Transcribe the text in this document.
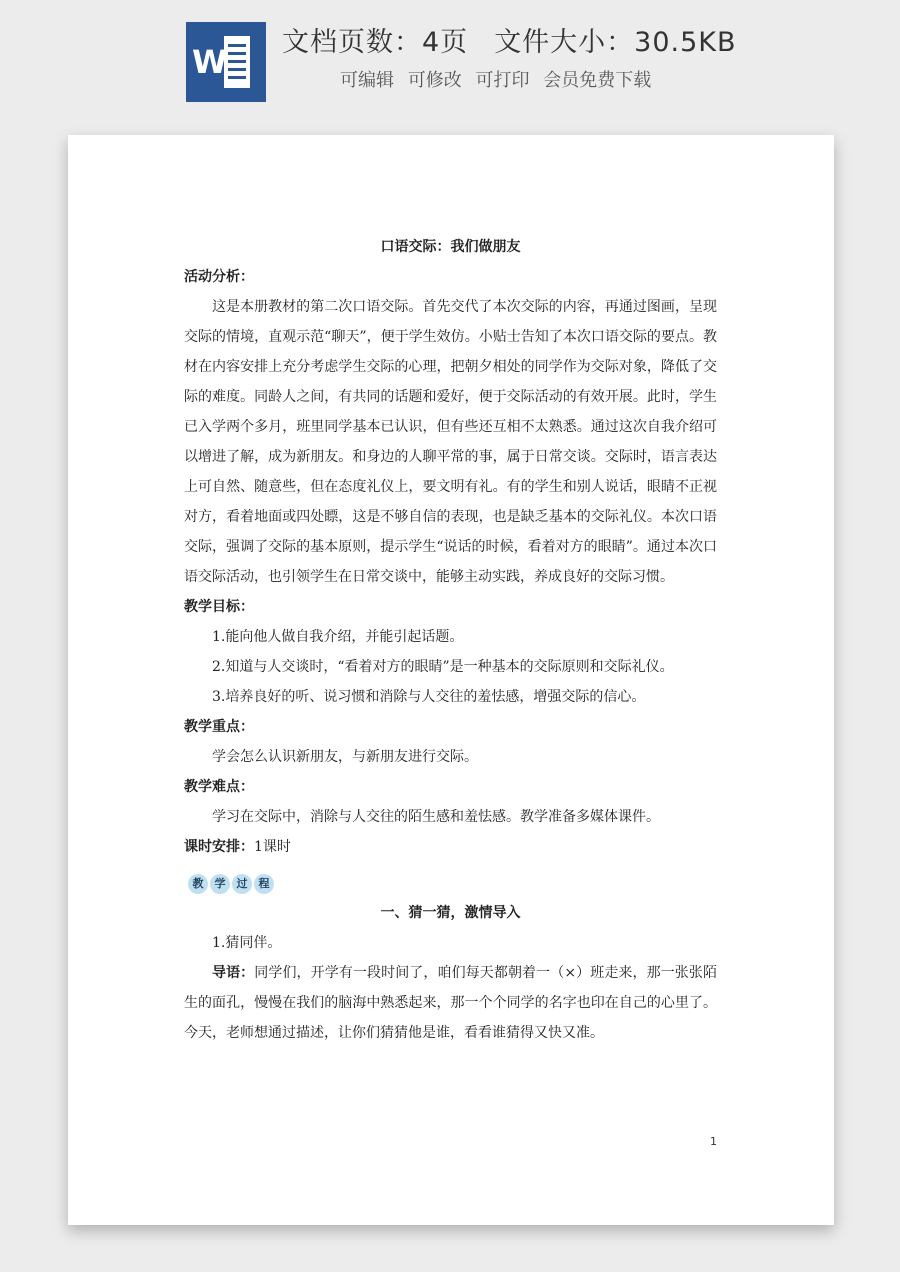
W
文档页数：4页 文件大小：30.5KB
可编辑 可修改 可打印 会员免费下载
口语交际：我们做朋友
活动分析：

这是本册教材的第二次口语交际。首先交代了本次交际的内容，再通过图画，呈现交际的情境，直观示范“聊天”，便于学生效仿。小贴士告知了本次口语交际的要点。教材在内容安排上充分考虑学生交际的心理，把朝夕相处的同学作为交际对象，降低了交际的难度。同龄人之间，有共同的话题和爱好，便于交际活动的有效开展。此时，学生已入学两个多月，班里同学基本已认识，但有些还互相不太熟悉。通过这次自我介绍可以增进了解，成为新朋友。和身边的人聊平常的事，属于日常交谈。交际时，语言表达上可自然、随意些，但在态度礼仪上，要文明有礼。有的学生和别人说话，眼睛不正视对方，看着地面或四处瞟，这是不够自信的表现，也是缺乏基本的交际礼仪。本次口语交际，强调了交际的基本原则，提示学生“说话的时候，看着对方的眼睛”。通过本次口语交际活动，也引领学生在日常交谈中，能够主动实践，养成良好的交际习惯。

教学目标：

1.能向他人做自我介绍，并能引起话题。

2.知道与人交谈时，“看着对方的眼睛”是一种基本的交际原则和交际礼仪。

3.培养良好的听、说习惯和消除与人交往的羞怯感，增强交际的信心。

教学重点：

学会怎么认识新朋友，与新朋友进行交际。

教学难点：

学习在交际中，消除与人交往的陌生感和羞怯感。教学准备多媒体课件。

课时安排：1课时
教	学	过	程
一、猜一猜，激情导入

1.猜同伴。

导语：同学们，开学有一段时间了，咱们每天都朝着一（×）班走来，那一张张陌生的面孔，慢慢在我们的脑海中熟悉起来，那一个个同学的名字也印在自己的心里了。今天，老师想通过描述，让你们猜猜他是谁，看看谁猜得又快又准。

1
